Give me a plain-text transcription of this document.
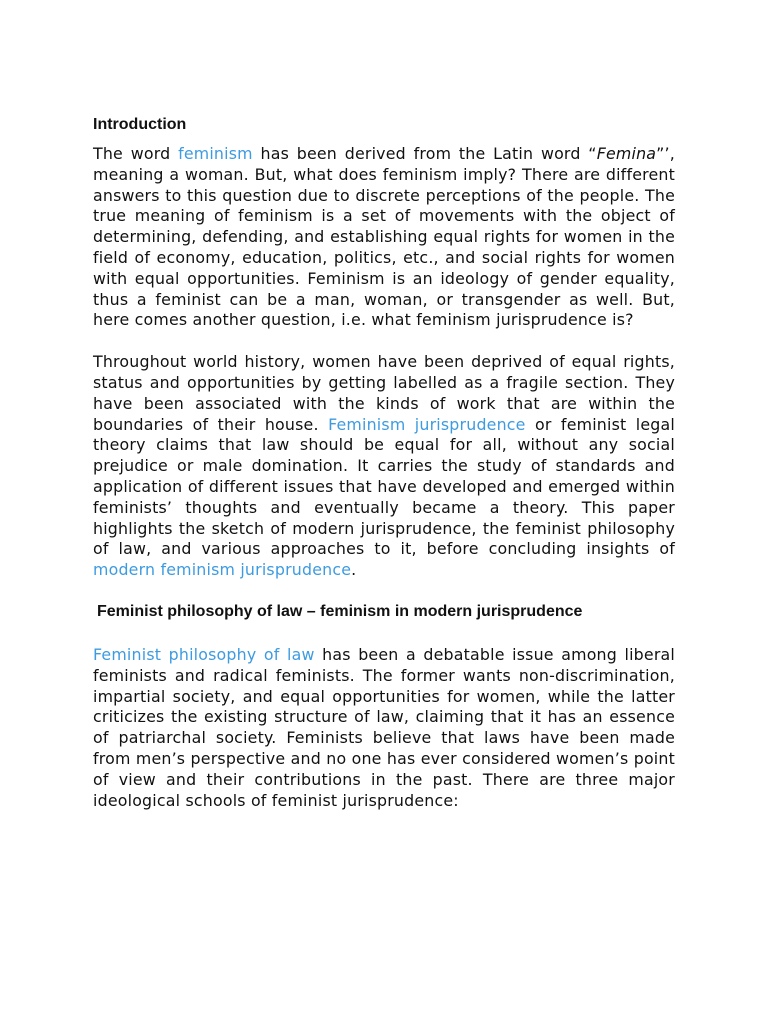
Introduction

The word feminism has been derived from the Latin word “Femina”’, meaning a woman. But, what does feminism imply? There are different answers to this question due to discrete perceptions of the people. The true meaning of feminism is a set of movements with the object of determining, defending, and establishing equal rights for women in the field of economy, education, politics, etc., and social rights for women with equal opportunities. Feminism is an ideology of gender equality, thus a feminist can be a man, woman, or transgender as well. But, here comes another question, i.e. what feminism jurisprudence is?

Throughout world history, women have been deprived of equal rights, status and opportunities by getting labelled as a fragile section. They have been associated with the kinds of work that are within the boundaries of their house. Feminism jurisprudence or feminist legal theory claims that law should be equal for all, without any social prejudice or male domination. It carries the study of standards and application of different issues that have developed and emerged within feminists’ thoughts and eventually became a theory. This paper highlights the sketch of modern jurisprudence, the feminist philosophy of law, and various approaches to it, before concluding insights of modern feminism jurisprudence.

Feminist philosophy of law – feminism in modern jurisprudence

Feminist philosophy of law has been a debatable issue among liberal feminists and radical feminists. The former wants non-discrimination, impartial society, and equal opportunities for women, while the latter criticizes the existing structure of law, claiming that it has an essence of patriarchal society. Feminists believe that laws have been made from men’s perspective and no one has ever considered women’s point of view and their contributions in the past. There are three major ideological schools of feminist jurisprudence:
